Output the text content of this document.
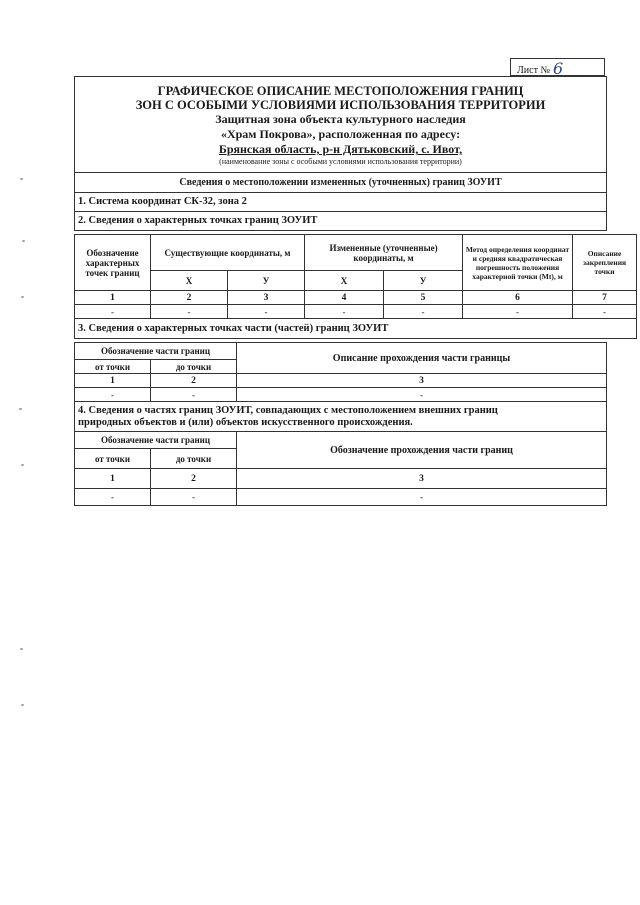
Лист № 6
ГРАФИЧЕСКОЕ ОПИСАНИЕ МЕСТОПОЛОЖЕНИЯ ГРАНИЦ
ЗОН С ОСОБЫМИ УСЛОВИЯМИ ИСПОЛЬЗОВАНИЯ ТЕРРИТОРИИ
Защитная зона объекта культурного наследия
«Храм Покрова», расположенная по адресу:
Брянская область, р-н Дятьковский, с. Ивот,
(наименование зоны с особыми условиями использования территории)

Сведения о местоположении измененных (уточненных) границ ЗОУИТ
1. Система координат СК-32, зона 2
2. Сведения о характерных точках границ ЗОУИТ
Обозначение характерных точек границ	Существующие координаты, м		Измененные (уточненные) координаты, м		Метод определения координат и средняя квадратическая погрешность положения характерной точки (Mt), м	Описание закрепления точки
	Х	У	Х	У		
1	2	3	4	5	6	7
-	-	-	-	-	-	-
3. Сведения о характерных точках части (частей) границ ЗОУИТ						
Обозначение части границ		Описание прохождения части границы
от точки	до точки	
1	2	3
-	-	-

4. Сведения о частях границ ЗОУИТ, совпадающих с местоположением внешних границ
природных объектов и (или) объектов искусственного происхождения.		
Обозначение части границ		Обозначение прохождения части границ
от точки	до точки	
1	2	3
-	-	-
